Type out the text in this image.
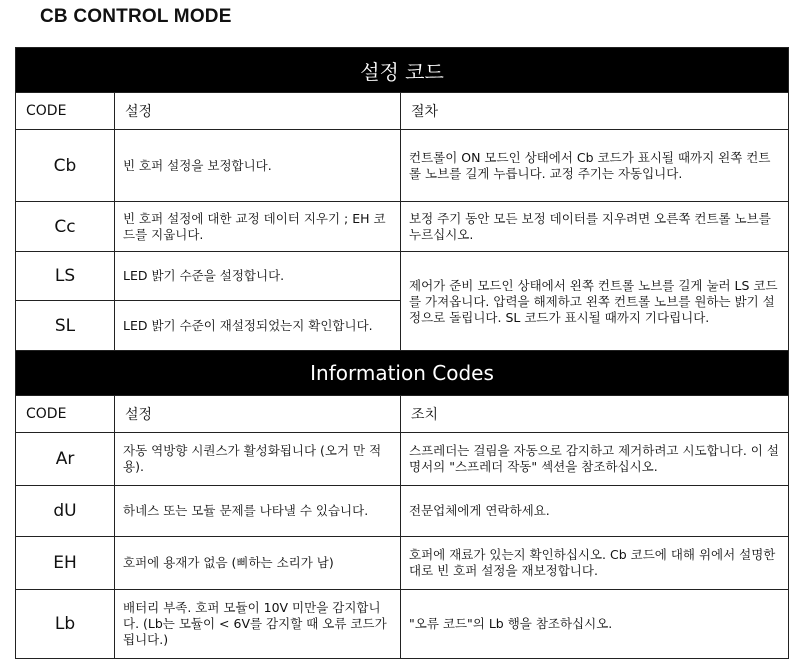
CB CONTROL MODE
설정 코드		
CODE	설정	절차
Cb	빈 호퍼 설정을 보정합니다.	컨트롤이 ON 모드인 상태에서 Cb 코드가 표시될 때까지 왼쪽 컨트롤 노브를 길게 누릅니다. 교정 주기는 자동입니다.
Cc	빈 호퍼 설정에 대한 교정 데이터 지우기 ; EH 코드를 지웁니다.	보정 주기 동안 모든 보정 데이터를 지우려면 오른쪽 컨트롤 노브를 누르십시오.
LS	LED 밝기 수준을 설정합니다.	제어가 준비 모드인 상태에서 왼쪽 컨트롤 노브를 길게 눌러 LS 코드를 가져옵니다. 압력을 해제하고 왼쪽 컨트롤 노브를 원하는 밝기 설정으로 돌립니다. SL 코드가 표시될 때까지 기다립니다.
SL	LED 밝기 수준이 재설정되었는지 확인합니다.	
Information Codes		
CODE	설정	조치
Ar	자동 역방향 시퀀스가 활성화됩니다 (오거 만 적용).	스프레더는 걸림을 자동으로 감지하고 제거하려고 시도합니다. 이 설명서의 "스프레더 작동" 섹션을 참조하십시오.
dU	하네스 또는 모듈 문제를 나타낼 수 있습니다.	전문업체에게 연락하세요.
EH	호퍼에 용재가 없음 (삐하는 소리가 남)	호퍼에 재료가 있는지 확인하십시오. Cb 코드에 대해 위에서 설명한 대로 빈 호퍼 설정을 재보정합니다.
Lb	배터리 부족. 호퍼 모듈이 10V 미만을 감지합니다. (Lb는 모듈이 < 6V를 감지할 때 오류 코드가 됩니다.)	"오류 코드"의 Lb 행을 참조하십시오.
